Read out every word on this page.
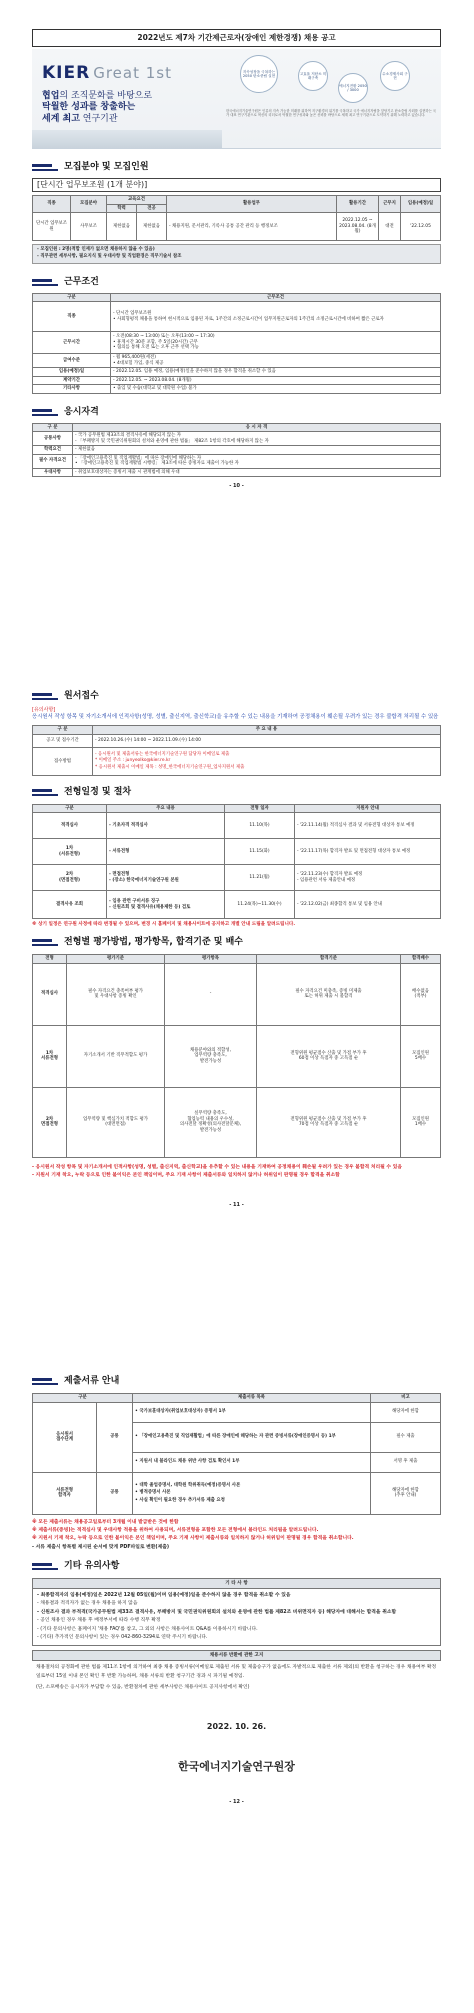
2022년도 제7차 기간제근로자(장애인 제한경쟁) 채용 공고
KIER Great 1st
협업의 조직문화를 바탕으로
탁월한 성과를 창출하는
세계 최고 연구기관
지속성장을 극복하는 2050 탄소중립 실현
고효율 저탄소 미래구축
에너지전환 2050 / 3000
수소경제사회 구현
한국에너지기술연구원은 인류의 지속 가능한 미래를 위하여 지구환경의 위기를 극복하고 국가 에너지자립을 앞당기고 탄소중립 사회를 실현하는 국가 대표 연구기관으로 혁신의 리더로서 탁월한 연구성과와 높은 신뢰를 바탕으로 세계 최고 연구기관으로 도약하기 위해 노력하고 있습니다.
모집분야 및 모집인원
[단시간 업무보조원 (1개 분야)]
직종	모집분야	교육요건		활용업무	활용기간	근무지	임용(예정)일
		학력	전공				
단시간 업무보조원	사무보조	제한없음	제한없음	- 채용지원, 문서관리, 기록사 공통 공간 관리 등 행정보조	2022.12.05 ~ 2023.08.04. (8개월)	대전	'22.12.05
- 모집인원 : 2명(적합 인재가 없으면 채용하지 않을 수 있음)
- 직무관련 세부사항, 필요지식 및 우대사항 및 직업환경은 직무기술서 참조
근무조건
구분	근무조건
직종	- 단시간 업무보조원
• 사회형평적 채용을 통하여 현시적으로 임용된 자로, 1주간의 소정근로시간이 업무지원근로자의 1주간의 소정근로시간에 비하여 짧은 근로자
근무시간	- 오전(08:30 ~ 13:00) 또는 오후(13:00 ~ 17:30)
• 휴게시간 30분 포함, 주 5일(20시간) 근무
• 협의를 통해 오전 또는 오후 근무 선택 가능
급여수준	- 월 965,400원(세전)
• 4대보험 가입, 중식 제공
임용(예정)일	- 2022.12.05. 임용 예정, 임용(예정)일을 준수하지 않을 경우 합격을 취소할 수 있음
계약기간	- 2022.12.05. ~ 2023.08.04. (8개월)
기타사항	• 출입 및 수습(대학교 및 대학원 수업) 불가
응시자격
구 분	응 시 자 격
공통사항	- 국가 공무원법 제33조의 결격사유에 해당되지 않는 자
- 「부패방지 및 국민권익위원회의 설치와 운영에 관한 법률」 제82조 1항의 각호에 해당하지 않는 자
학력요건	- 제한없음
필수 자격요건	- 「장애인고용촉진 및 직업재활법」에 따른 장애인에 해당하는 자
• 「장애인고용촉진 및 직업재활법 시행령」 제3조에 따른 증빙자료 제출이 가능한 자
우대사항	- 취업보호대상자는 증빙서 제출 시 관계법에 의해 우대
- 10 -
원서접수
[유의사항]
응시원서 작성 항목 및 자기소개서에 인적사항(성명, 성별, 출신지역, 출신학교)을 유추할 수 있는 내용을 기재하여 공정채용이 훼손될 우려가 있는 경우 불합격 처리될 수 있음
구 분	주 요 내 용
공고 및 접수기간	- 2022.10.26.(수) 14:00 ~ 2022.11.09.(수) 14:00
접수방법	- 응시원서 및 제출서류는 한국에너지기술연구원 담당자 이메일로 제출
* 이메일 주소 : junyeolko@kier.re.kr
* 응시원서 제출시 이메일 제목 : 성명_한국에너지기술연구원_업사지원서 제출
전형일정 및 절차
구분	주요 내용	전형 일자	지원자 안내
적격심사	- 기초자격 적격심사	11.10(목)	- '22.11.14(월) 적격심사 결과 및 서류전형 대상자 통보 예정
1차
(서류전형)	- 서류전형	11.15(화)	- '22.11.17(목) 합격자 발표 및 면접전형 대상자 통보 예정
2차
(면접전형)	- 면접전형
- (장소) 한국에너지기술연구원 본원	11.21(월)	- '22.11.23(수) 합격자 발표 예정
- 임용관련 서류 제출안내 예정
결격사유 조회	- 임용 관련 구비서류 징구
- 신원조회 및 결격사유(채용제한 등) 검토	11.24(목)~11.30(수)	- '22.12.02(금) 최종합격 통보 및 임용 안내
※ 상기 일정은 연구원 사정에 따라 변경될 수 있으며, 변경 시 홈페이지 및 채용사이트에 공지하고 개별 안내 드림을 알려드립니다.
전형별 평가방법, 평가항목, 합격기준 및 배수
전형	평가기준	평가항목	합격기준	합격배수
적격심사	필수 자격요건 충족여부 평가
및 우대사항 증빙 확인	-	필수 자격요건 미충족, 증빙 미제출
또는 허위 제출 시 불합격	배수없음
(적부)
1차
서류전형	자기소개서 기반 직무적합도 평가	채용분야와의 적합성,
업무역량 충족도,
발전가능성	전형위원 평균점수 산출 및 가점 부가 후
60점 이상 득점자 중 고득점 순	모집인원
5배수
2차
면접전형	업무역량 및 핵심가치 적합도 평가
(대면면접)	실무역량 충족도,
협업능력 내용의 우수성,
의사전달 정확성(의사전달문체),
발전가능성	전형위원 평균점수 산출 및 가점 부가 후
70점 이상 득점자 중 고득점 순	모집인원
1배수
- 응시원서 작성 항목 및 자기소개서에 인적사항(성명, 성별, 출신지역, 출신학교)을 유추할 수 있는 내용을 기재하여 공정채용이 훼손될 우려가 있는 경우 불합격 처리될 수 있음
- 지원서 기재 착오, 누락 등으로 인한 불이익은 본인 책임이며, 주요 기재 사항이 제출서류와 일치하지 않거나 허위임이 판명될 경우 합격을 취소함
- 11 -
제출서류 안내
구분		제출서류 목록	비고
응시원서
접수단계	공통	• 국가보훈대상자(취업보호대상자) 증명서 1부	해당자에 한함
		• 「장애인고용촉진 및 직업재활법」에 따른 장애인에 해당하는 자 관련 증빙서류(장애인증명서 등) 1부	필수 제출
		• 지원서 내 블라인드 채용 위반 사항 검토 확인서 1부	서명 후 제출
서류전형
합격자	공통	• 대학 졸업증명서, 대학원 학위취득(예정)증명서 사본
• 병적증명서 사본
• 사실 확인이 필요한 경우 추가서류 제출 요청	해당자에 한함
(추후 안내)
※ 모든 제출서류는 채용공고일로부터 3개월 이내 발급받은 것에 한함
※ 제출서류(증빙)는 적격심사 및 우대사항 적용을 위하여 사용되며, 서류전형을 포함한 모든 전형에서 블라인드 처리됨을 알려드립니다.
※ 지원서 기재 착오, 누락 등으로 인한 불이익은 본인 책임이며, 주요 기재 사항이 제출서류와 일치하지 않거나 허위임이 판명될 경우 합격을 취소합니다.
- 서류 제출시 항목별 제시된 순서에 맞게 PDF파일로 변환(제출)
기타 유의사항
기 타 사 항
- 최종합격자의 임용(예정)일은 2022년 12월 05일(월)이며 임용(예정)일을 준수하지 않을 경우 합격을 취소할 수 있음
- 채용결과 적격자가 없는 경우 채용을 하지 않음
- 신원조사 결과 부적격(국가공무원법 제33조 결격사유, 부패방지 및 국민권익위원회의 설치와 운영에 관한 법률 제82조 비위면직자 등) 해당자에 대해서는 합격을 취소함
- 공인 채용인 경우 채용 후 배정부서에 따라 수행 직무 확정
- (기타 문의사항은 홈페이지 '채용 FAQ'를 참고, 그 외의 사항은 채용사이트 Q&A를 이용하시기 바랍니다.
- (기타) 추가적인 문의사항이 있는 경우 042-860-3294로 연락 주시기 바랍니다.
채용서류 반환에 관한 고지
채용절차의 공정화에 관한 법률 제11조 1항에 의거하여 최종 채용 증빙서류(이메일로 제출된 서류 및 제출승구가 없음에도 자발적으로 제출한 서류 제외)의 반환을 청구하는 경우 채용여부 확정일로부터 15일 이내 본인 확인 후 반환 가능하며, 채용 서류의 반환 청구기간 경과 시 파기될 예정임.
(단, 소포배송은 응시자가 부담할 수 있음, 반환절차에 관한 세부사항은 채용사이트 공지사항에서 확인)
2022. 10. 26.
한국에너지기술연구원장
- 12 -
